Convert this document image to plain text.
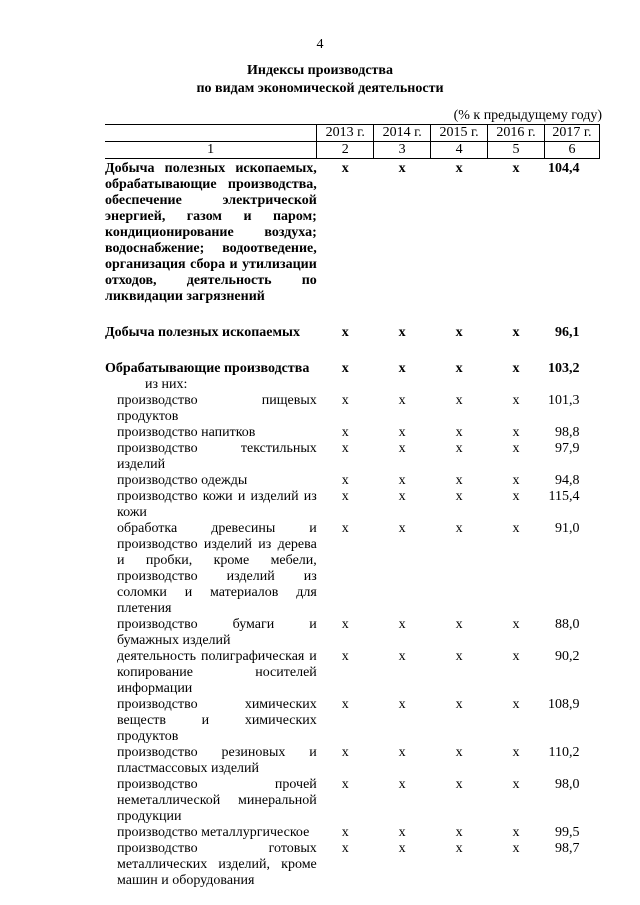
4
Индексы производства
по видам экономической деятельности
(% к предыдущему году)
	2013 г.	2014 г.	2015 г.	2016 г.	2017 г.
1	2	3	4	5	6
Добыча полезных ископаемых, обрабатывающие производства, обеспечение электрической энергией, газом и паром; кондиционирование воздуха; водоснабжение; водоотведение, организация сбора и утилизации отходов, деятельность по ликвидации загрязнений	х	х	х	х	104,4

Добыча полезных ископаемых	х	х	х	х	96,1

Обрабатывающие производства	х	х	х	х	103,2
из них:					
производство пищевых продуктов	х	х	х	х	101,3
производство напитков	х	х	х	х	98,8
производство текстильных изделий	х	х	х	х	97,9
производство одежды	х	х	х	х	94,8
производство кожи и изделий из кожи	х	х	х	х	115,4
обработка древесины и производство изделий из дерева и пробки, кроме мебели, производство изделий из соломки и материалов для плетения	х	х	х	х	91,0
производство бумаги и бумажных изделий	х	х	х	х	88,0
деятельность полиграфическая и копирование носителей информации	х	х	х	х	90,2
производство химических веществ и химических продуктов	х	х	х	х	108,9
производство резиновых и пластмассовых изделий	х	х	х	х	110,2
производство прочей неметаллической минеральной продукции	х	х	х	х	98,0
производство металлургическое	х	х	х	х	99,5
производство готовых металлических изделий, кроме машин и оборудования	х	х	х	х	98,7
